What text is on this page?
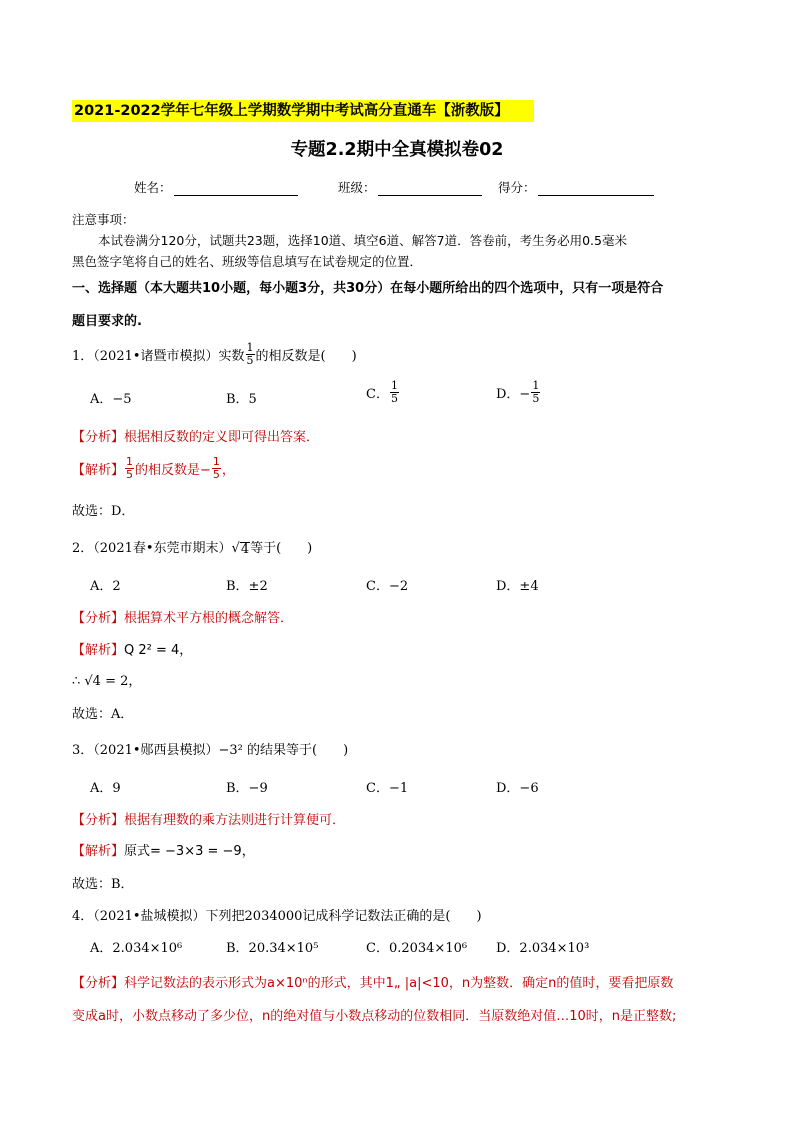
2021-2022学年七年级上学期数学期中考试高分直通车【浙教版】
专题2.2期中全真模拟卷02
姓名：	班级：	得分：
注意事项：
本试卷满分120分，试题共23题，选择10道、填空6道、解答7道．答卷前，考生务必用0.5毫米
黑色签字笔将自己的姓名、班级等信息填写在试卷规定的位置．
一、选择题（本大题共10小题，每小题3分，共30分）在每小题所给出的四个选项中，只有一项是符合
题目要求的.
1．（2021•诸暨市模拟）实数 $\frac{1}{5}$ 的相反数是(　　)
A．−5	B．5	C． $\frac{1}{5}$	D．− $\frac{1}{5}$
【分析】根据相反数的定义即可得出答案．
【解析】 $\frac{1}{5}$ 的相反数是− $\frac{1}{5}$ ，
故选：D．
2．（2021春•东莞市期末） √ 4 等于(　　)
A．2	B．±2	C．−2	D．±4
【分析】根据算术平方根的概念解答．
【解析】Q 2² = 4，
∴ √4 = 2，
故选：A．
3．（2021•郧西县模拟）−3² 的结果等于(　　)
A．9	B．−9	C．−1	D．−6
【分析】根据有理数的乘方法则进行计算便可．
【解析】原式= −3×3 = −9，
故选：B．
4．（2021•盐城模拟）下列把2034000记成科学记数法正确的是(　　)
A．2.034×10⁶	B．20.34×10⁵	C．0.2034×10⁶ D．2.034×10³
【分析】科学记数法的表示形式为a×10ⁿ的形式，其中1„ |a|<10，n为整数．确定n的值时，要看把原数
变成a时，小数点移动了多少位，n的绝对值与小数点移动的位数相同．当原数绝对值…10时，n是正整数;
